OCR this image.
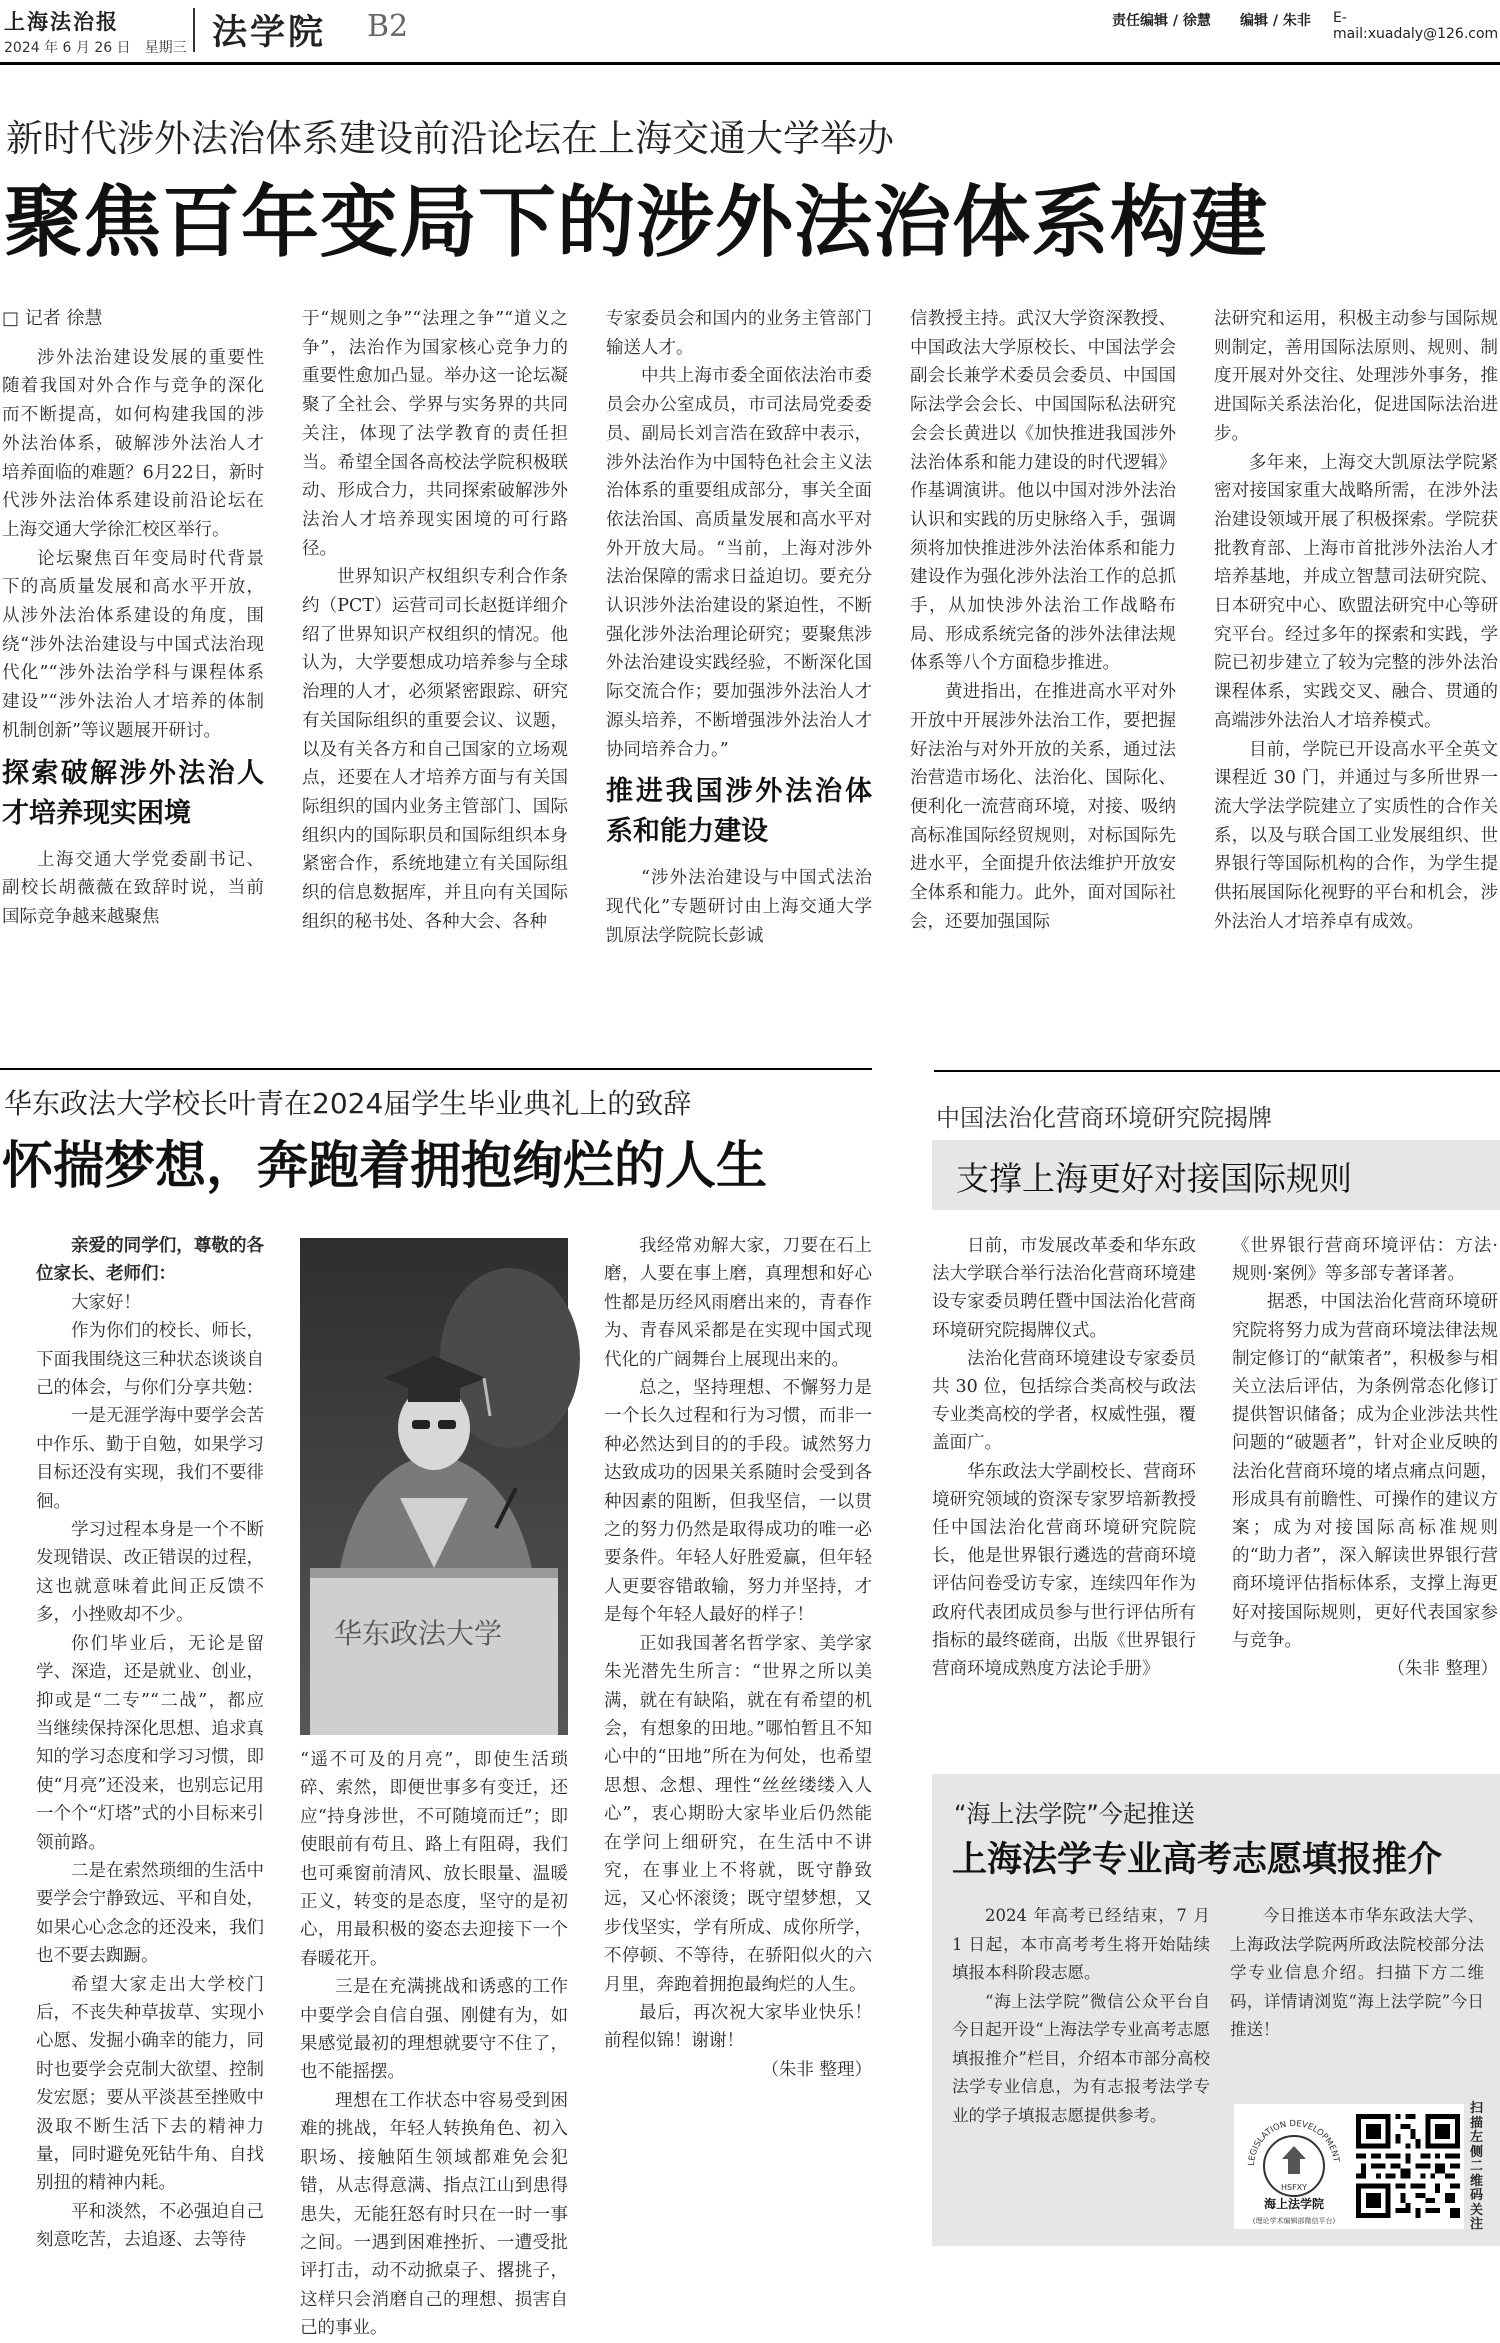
上海法治报
2024 年 6 月 26 日　星期三 法学院 B2	责任编辑 / 徐慧 编辑 / 朱非 E-mail:xuadaly@126.com
新时代涉外法治体系建设前沿论坛在上海交通大学举办
聚焦百年变局下的涉外法治体系构建

□ 记者 徐慧

涉外法治建设发展的重要性随着我国对外合作与竞争的深化而不断提高，如何构建我国的涉外法治体系，破解涉外法治人才培养面临的难题？6月22日，新时代涉外法治体系建设前沿论坛在上海交通大学徐汇校区举行。

论坛聚焦百年变局时代背景下的高质量发展和高水平开放，从涉外法治体系建设的角度，围绕“涉外法治建设与中国式法治现代化”“涉外法治学科与课程体系建设”“涉外法治人才培养的体制机制创新”等议题展开研讨。

探索破解涉外法治人才培养现实困境

上海交通大学党委副书记、副校长胡薇薇在致辞时说，当前国际竞争越来越聚焦

于“规则之争”“法理之争”“道义之争”，法治作为国家核心竞争力的重要性愈加凸显。举办这一论坛凝聚了全社会、学界与实务界的共同关注，体现了法学教育的责任担当。希望全国各高校法学院积极联动、形成合力，共同探索破解涉外法治人才培养现实困境的可行路径。

世界知识产权组织专利合作条约（PCT）运营司司长赵挺详细介绍了世界知识产权组织的情况。他认为，大学要想成功培养参与全球治理的人才，必须紧密跟踪、研究有关国际组织的重要会议、议题，以及有关各方和自己国家的立场观点，还要在人才培养方面与有关国际组织的国内业务主管部门、国际组织内的国际职员和国际组织本身紧密合作，系统地建立有关国际组织的信息数据库，并且向有关国际组织的秘书处、各种大会、各种

专家委员会和国内的业务主管部门输送人才。

中共上海市委全面依法治市委员会办公室成员，市司法局党委委员、副局长刘言浩在致辞中表示，涉外法治作为中国特色社会主义法治体系的重要组成部分，事关全面依法治国、高质量发展和高水平对外开放大局。“当前，上海对涉外法治保障的需求日益迫切。要充分认识涉外法治建设的紧迫性，不断强化涉外法治理论研究；要聚焦涉外法治建设实践经验，不断深化国际交流合作；要加强涉外法治人才源头培养，不断增强涉外法治人才协同培养合力。”

推进我国涉外法治体系和能力建设

“涉外法治建设与中国式法治现代化”专题研讨由上海交通大学凯原法学院院长彭诚

信教授主持。武汉大学资深教授、中国政法大学原校长、中国法学会副会长兼学术委员会委员、中国国际法学会会长、中国国际私法研究会会长黄进以《加快推进我国涉外法治体系和能力建设的时代逻辑》作基调演讲。他以中国对涉外法治认识和实践的历史脉络入手，强调须将加快推进涉外法治体系和能力建设作为强化涉外法治工作的总抓手，从加快涉外法治工作战略布局、形成系统完备的涉外法律法规体系等八个方面稳步推进。

黄进指出，在推进高水平对外开放中开展涉外法治工作，要把握好法治与对外开放的关系，通过法治营造市场化、法治化、国际化、便利化一流营商环境，对接、吸纳高标准国际经贸规则，对标国际先进水平，全面提升依法维护开放安全体系和能力。此外，面对国际社会，还要加强国际

法研究和运用，积极主动参与国际规则制定，善用国际法原则、规则、制度开展对外交往、处理涉外事务，推进国际关系法治化，促进国际法治进步。

多年来，上海交大凯原法学院紧密对接国家重大战略所需，在涉外法治建设领域开展了积极探索。学院获批教育部、上海市首批涉外法治人才培养基地，并成立智慧司法研究院、日本研究中心、欧盟法研究中心等研究平台。经过多年的探索和实践，学院已初步建立了较为完整的涉外法治课程体系，实践交叉、融合、贯通的高端涉外法治人才培养模式。

目前，学院已开设高水平全英文课程近 30 门，并通过与多所世界一流大学法学院建立了实质性的合作关系，以及与联合国工业发展组织、世界银行等国际机构的合作，为学生提供拓展国际化视野的平台和机会，涉外法治人才培养卓有成效。

华东政法大学校长叶青在2024届学生毕业典礼上的致辞
怀揣梦想，奔跑着拥抱绚烂的人生

亲爱的同学们，尊敬的各位家长、老师们：

大家好！

作为你们的校长、师长，下面我围绕这三种状态谈谈自己的体会，与你们分享共勉：

一是无涯学海中要学会苦中作乐、勤于自勉，如果学习目标还没有实现，我们不要徘徊。

学习过程本身是一个不断发现错误、改正错误的过程，这也就意味着此间正反馈不多，小挫败却不少。

你们毕业后，无论是留学、深造，还是就业、创业，抑或是“二专”“二战”，都应当继续保持深化思想、追求真知的学习态度和学习习惯，即使“月亮”还没来，也别忘记用一个个“灯塔”式的小目标来引领前路。

二是在索然琐细的生活中要学会宁静致远、平和自处，如果心心念念的还没来，我们也不要去踟蹰。

希望大家走出大学校门后，不丧失种草拔草、实现小心愿、发掘小确幸的能力，同时也要学会克制大欲望、控制发宏愿；要从平淡甚至挫败中汲取不断生活下去的精神力量，同时避免死钻牛角、自找别扭的精神内耗。

平和淡然，不必强迫自己刻意吃苦，去追逐、去等待

华东政法大学

“遥不可及的月亮”，即使生活琐碎、索然，即便世事多有变迁，还应“持身涉世，不可随境而迁”；即使眼前有苟且、路上有阻碍，我们也可乘窗前清风、放长眼量、温暖正义，转变的是态度，坚守的是初心，用最积极的姿态去迎接下一个春暖花开。

三是在充满挑战和诱惑的工作中要学会自信自强、刚健有为，如果感觉最初的理想就要守不住了，也不能摇摆。

理想在工作状态中容易受到困难的挑战，年轻人转换角色、初入职场、接触陌生领域都难免会犯错，从志得意满、指点江山到患得患失，无能狂怒有时只在一时一事之间。一遇到困难挫折、一遭受批评打击，动不动掀桌子、撂挑子，这样只会消磨自己的理想、损害自己的事业。

我经常劝解大家，刀要在石上磨，人要在事上磨，真理想和好心性都是历经风雨磨出来的，青春作为、青春风采都是在实现中国式现代化的广阔舞台上展现出来的。

总之，坚持理想、不懈努力是一个长久过程和行为习惯，而非一种必然达到目的的手段。诚然努力达致成功的因果关系随时会受到各种因素的阻断，但我坚信，一以贯之的努力仍然是取得成功的唯一必要条件。年轻人好胜爱赢，但年轻人更要容错敢输，努力并坚持，才是每个年轻人最好的样子！

正如我国著名哲学家、美学家朱光潜先生所言：“世界之所以美满，就在有缺陷，就在有希望的机会，有想象的田地。”哪怕暂且不知心中的“田地”所在为何处，也希望思想、念想、理性“丝丝缕缕入人心”，衷心期盼大家毕业后仍然能在学问上细研究，在生活中不讲究，在事业上不将就，既守静致远，又心怀滚烫；既守望梦想，又步伐坚实，学有所成、成你所学，不停顿、不等待，在骄阳似火的六月里，奔跑着拥抱最绚烂的人生。

最后，再次祝大家毕业快乐！前程似锦！谢谢！

（朱非 整理）

中国法治化营商环境研究院揭牌
支撑上海更好对接国际规则

日前，市发展改革委和华东政法大学联合举行法治化营商环境建设专家委员聘任暨中国法治化营商环境研究院揭牌仪式。

法治化营商环境建设专家委员共 30 位，包括综合类高校与政法专业类高校的学者，权威性强，覆盖面广。

华东政法大学副校长、营商环境研究领域的资深专家罗培新教授任中国法治化营商环境研究院院长，他是世界银行遴选的营商环境评估问卷受访专家，连续四年作为政府代表团成员参与世行评估所有指标的最终磋商，出版《世界银行营商环境成熟度方法论手册》

《世界银行营商环境评估：方法·规则·案例》等多部专著译著。

据悉，中国法治化营商环境研究院将努力成为营商环境法律法规制定修订的“献策者”，积极参与相关立法后评估，为条例常态化修订提供智识储备；成为企业涉法共性问题的“破题者”，针对企业反映的法治化营商环境的堵点痛点问题，形成具有前瞻性、可操作的建议方案；成为对接国际高标准规则的“助力者”，深入解读世界银行营商环境评估指标体系，支撑上海更好对接国际规则，更好代表国家参与竞争。

（朱非 整理）

“海上法学院”今起推送
上海法学专业高考志愿填报推介

2024 年高考已经结束，7 月 1 日起，本市高考考生将开始陆续填报本科阶段志愿。

“海上法学院”微信公众平台自今日起开设“上海法学专业高考志愿填报推介”栏目，介绍本市部分高校法学专业信息，为有志报考法学专业的学子填报志愿提供参考。

今日推送本市华东政法大学、上海政法学院两所政法院校部分法学专业信息介绍。扫描下方二维码，详情请浏览“海上法学院”今日推送！

LEGISLATION DEVELOPMENT
HSFXY
海上法学院
(理论学术编辑部微信平台)
扫描左侧二维码关注
